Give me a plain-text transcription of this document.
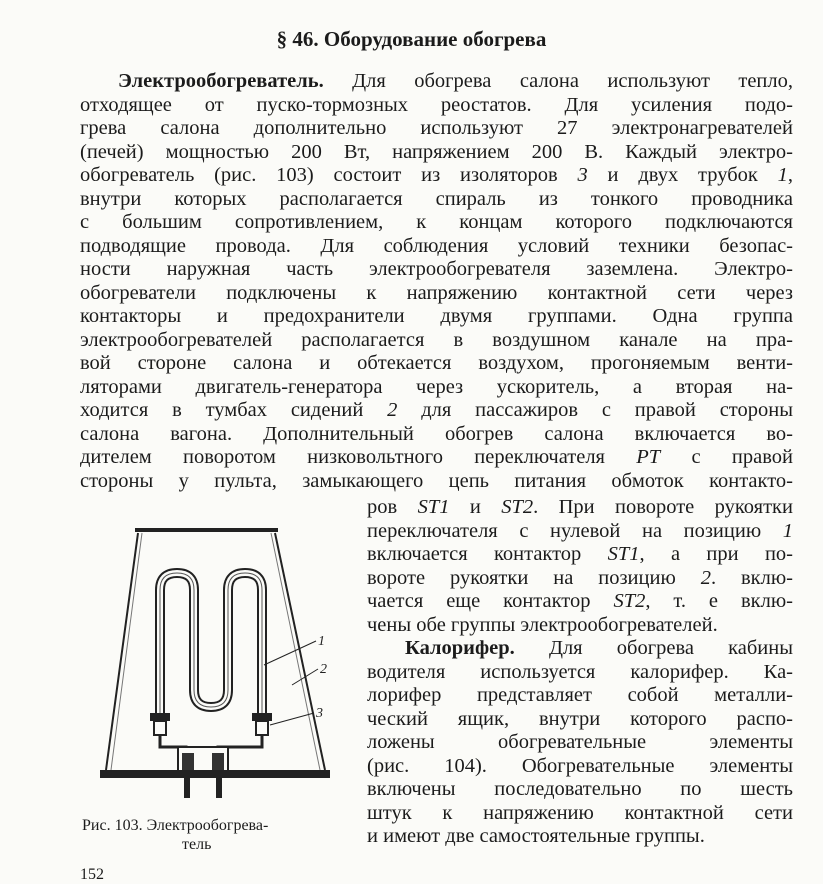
§ 46. Оборудование обогрева
Электрообогреватель. Для обогрева салона используют тепло,
отходящее от пуско-тормозных реостатов. Для усиления подо-
грева салона дополнительно используют 27 электронагревателей
(печей) мощностью 200 Вт, напряжением 200 В. Каждый электро-
обогреватель (рис. 103) состоит из изоляторов 3 и двух трубок 1,
внутри которых располагается спираль из тонкого проводника
с большим сопротивлением, к концам которого подключаются
подводящие провода. Для соблюдения условий техники безопас-
ности наружная часть электрообогревателя заземлена. Электро-
обогреватели подключены к напряжению контактной сети через
контакторы и предохранители двумя группами. Одна группа
электрообогревателей располагается в воздушном канале на пра-
вой стороне салона и обтекается воздухом, прогоняемым венти-
ляторами двигатель-генератора через ускоритель, а вторая на-
ходится в тумбах сидений 2 для пассажиров с правой стороны
салона вагона. Дополнительный обогрев салона включается во-
дителем поворотом низковольтного переключателя PT с правой
стороны у пульта, замыкающего цепь питания обмоток контакто-
ров ST1 и ST2. При повороте рукоятки
переключателя с нулевой на позицию 1
включается контактор ST1, а при по-
вороте рукоятки на позицию 2. вклю-
чается еще контактор ST2, т. е вклю-
чены обе группы электрообогревателей.
Калорифер. Для обогрева кабины
водителя используется калорифер. Ка-
лорифер представляет собой металли-
ческий ящик, внутри которого распо-
ложены обогревательные элементы
(рис. 104). Обогревательные элементы
включены последовательно по шесть
штук к напряжению контактной сети
и имеют две самостоятельные группы.
1
2
3
Рис. 103. Электрообогрева-
тель
152
